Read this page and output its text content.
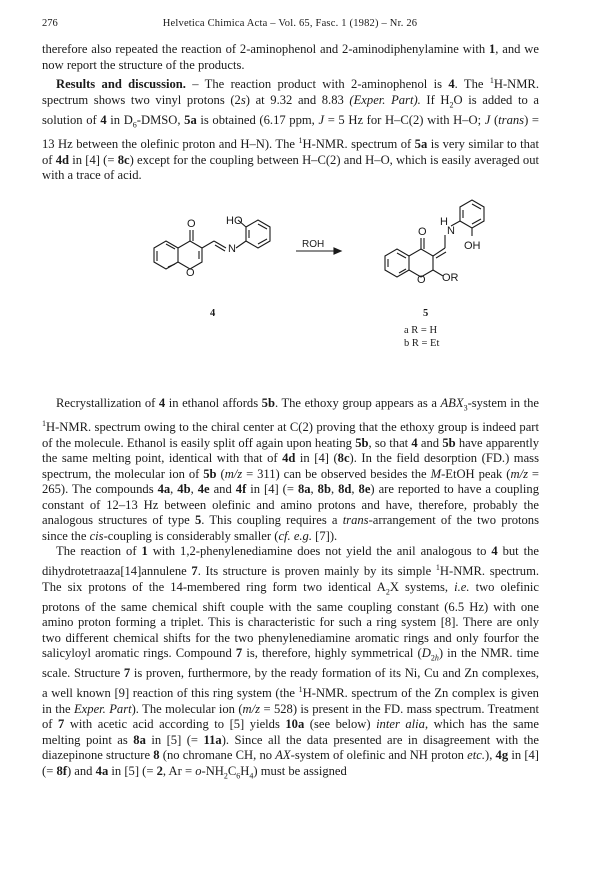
276	Helvetica Chimica Acta – Vol. 65, Fasc. 1 (1982) – Nr. 26

therefore also repeated the reaction of 2-aminophenol and 2-aminodiphenylamine with 1, and we now report the structure of the products.

Results and discussion. – The reaction product with 2-aminophenol is 4. The $^1$H-NMR. spectrum shows two vinyl protons (2s) at 9.32 and 8.83 (Exper. Part). If $H_2O$ is added to a solution of 4 in $D_6$-DMSO, 5a is obtained (6.17 ppm, J = 5 Hz for H–C(2) with H–O; J (trans) = 13 Hz between the olefinic proton and H–N). The $^1$H-NMR. spectrum of 5a is very similar to that of 4d in [4] (= 8c) except for the coupling between H–C(2) and H–O, which is easily averaged out with a trace of acid.

HO
O
O
N	ROH
O
O OR
H
N
OH
4	5
a R = H
b R = Et

Recrystallization of 4 in ethanol affords 5b. The ethoxy group appears as a $ABX_3$-system in the $^1$H-NMR. spectrum owing to the chiral center at C(2) proving that the ethoxy group is indeed part of the molecule. Ethanol is easily split off again upon heating 5b, so that 4 and 5b have apparently the same melting point, identical with that of 4d in [4] (8c). In the field desorption (FD.) mass spectrum, the molecular ion of 5b (m/z = 311) can be observed besides the M-EtOH peak (m/z = 265). The compounds 4a, 4b, 4e and 4f in [4] (= 8a, 8b, 8d, 8e) are reported to have a coupling constant of 12–13 Hz between olefinic and amino protons and have, therefore, probably the analogous structures of type 5. This coupling requires a trans-arrangement of the two protons since the cis-coupling is considerably smaller (cf. e.g. [7]).

The reaction of 1 with 1,2-phenylenediamine does not yield the anil analogous to 4 but the dihydrotetraaza[14]annulene 7. Its structure is proven mainly by its simple $^1$H-NMR. spectrum. The six protons of the 14-membered ring form two identical $A_2X$ systems, i.e. two olefinic protons of the same chemical shift couple with the same coupling constant (6.5 Hz) with one amino proton forming a triplet. This is characteristic for such a ring system [8]. There are only two different chemical shifts for the two phenylenediamine aromatic rings and only fourfor the salicyloyl aromatic rings. Compound 7 is, therefore, highly symmetrical $(D_{2h})$ in the NMR. time scale. Structure 7 is proven, furthermore, by the ready formation of its Ni, Cu and Zn complexes, a well known [9] reaction of this ring system (the $^1$H-NMR. spectrum of the Zn complex is given in the Exper. Part). The molecular ion (m/z = 528) is present in the FD. mass spectrum. Treatment of 7 with acetic acid according to [5] yields 10a (see below) inter alia, which has the same melting point as 8a in [5] (= 11a). Since all the data presented are in disagreement with the diazepinone structure 8 (no chromane CH, no AX-system of olefinic and NH proton etc.), 4g in [4] (= 8f) and 4a in [5] (= 2, $Ar = o-NH_2C_6H_4$) must be assigned
